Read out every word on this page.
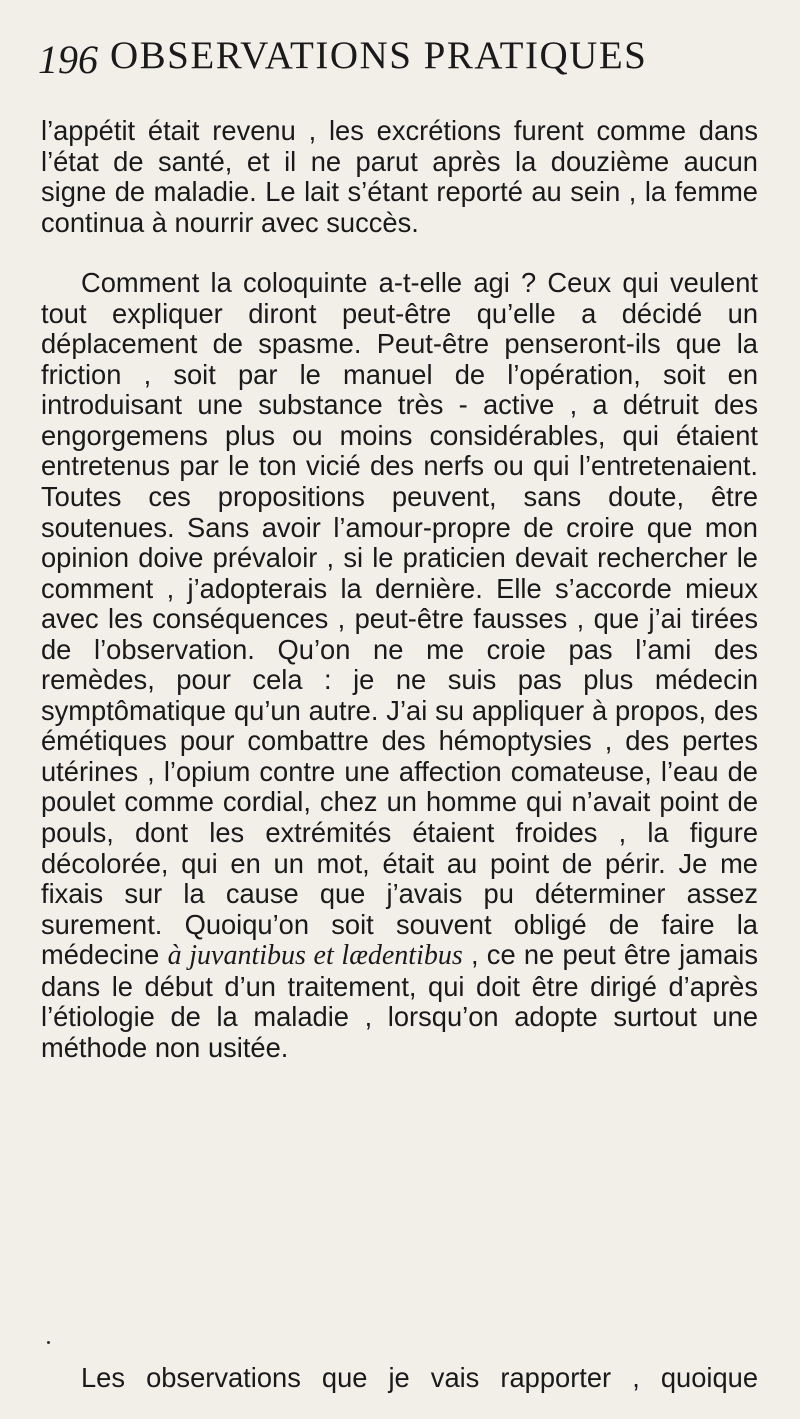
196 OBSERVATIONS PRATIQUES

l’appétit était revenu , les excrétions furent comme dans l’état de santé, et il ne parut après la douzième aucun signe de maladie. Le lait s’étant reporté au sein , la femme continua à nourrir avec succès.

Comment la coloquinte a-t-elle agi ? Ceux qui veulent tout expliquer diront peut-être qu’elle a décidé un déplacement de spasme. Peut-être penseront-ils que la friction , soit par le manuel de l’opération, soit en introduisant une substance très - active , a détruit des engorgemens plus ou moins considérables, qui étaient entretenus par le ton vicié des nerfs ou qui l’entretenaient. Toutes ces propositions peuvent, sans doute, être soutenues. Sans avoir l’amour-propre de croire que mon opinion doive prévaloir , si le praticien devait rechercher le comment , j’adopterais la dernière. Elle s’accorde mieux avec les conséquences , peut-être fausses , que j’ai tirées de l’observation. Qu’on ne me croie pas l’ami des remèdes, pour cela : je ne suis pas plus médecin symptômatique qu’un autre. J’ai su appliquer à propos, des émétiques pour combattre des hémoptysies , des pertes utérines , l’opium contre une affection comateuse, l’eau de poulet comme cordial, chez un homme qui n’avait point de pouls, dont les extrémités étaient froides , la figure décolorée, qui en un mot, était au point de périr. Je me fixais sur la cause que j’avais pu déterminer assez surement. Quoiqu’on soit souvent obligé de faire la médecine à juvantibus et lædentibus , ce ne peut être jamais dans le début d’un traitement, qui doit être dirigé d’après l’étiologie de la maladie , lorsqu’on adopte surtout une méthode non usitée.

Les observations que je vais rapporter , quoique
